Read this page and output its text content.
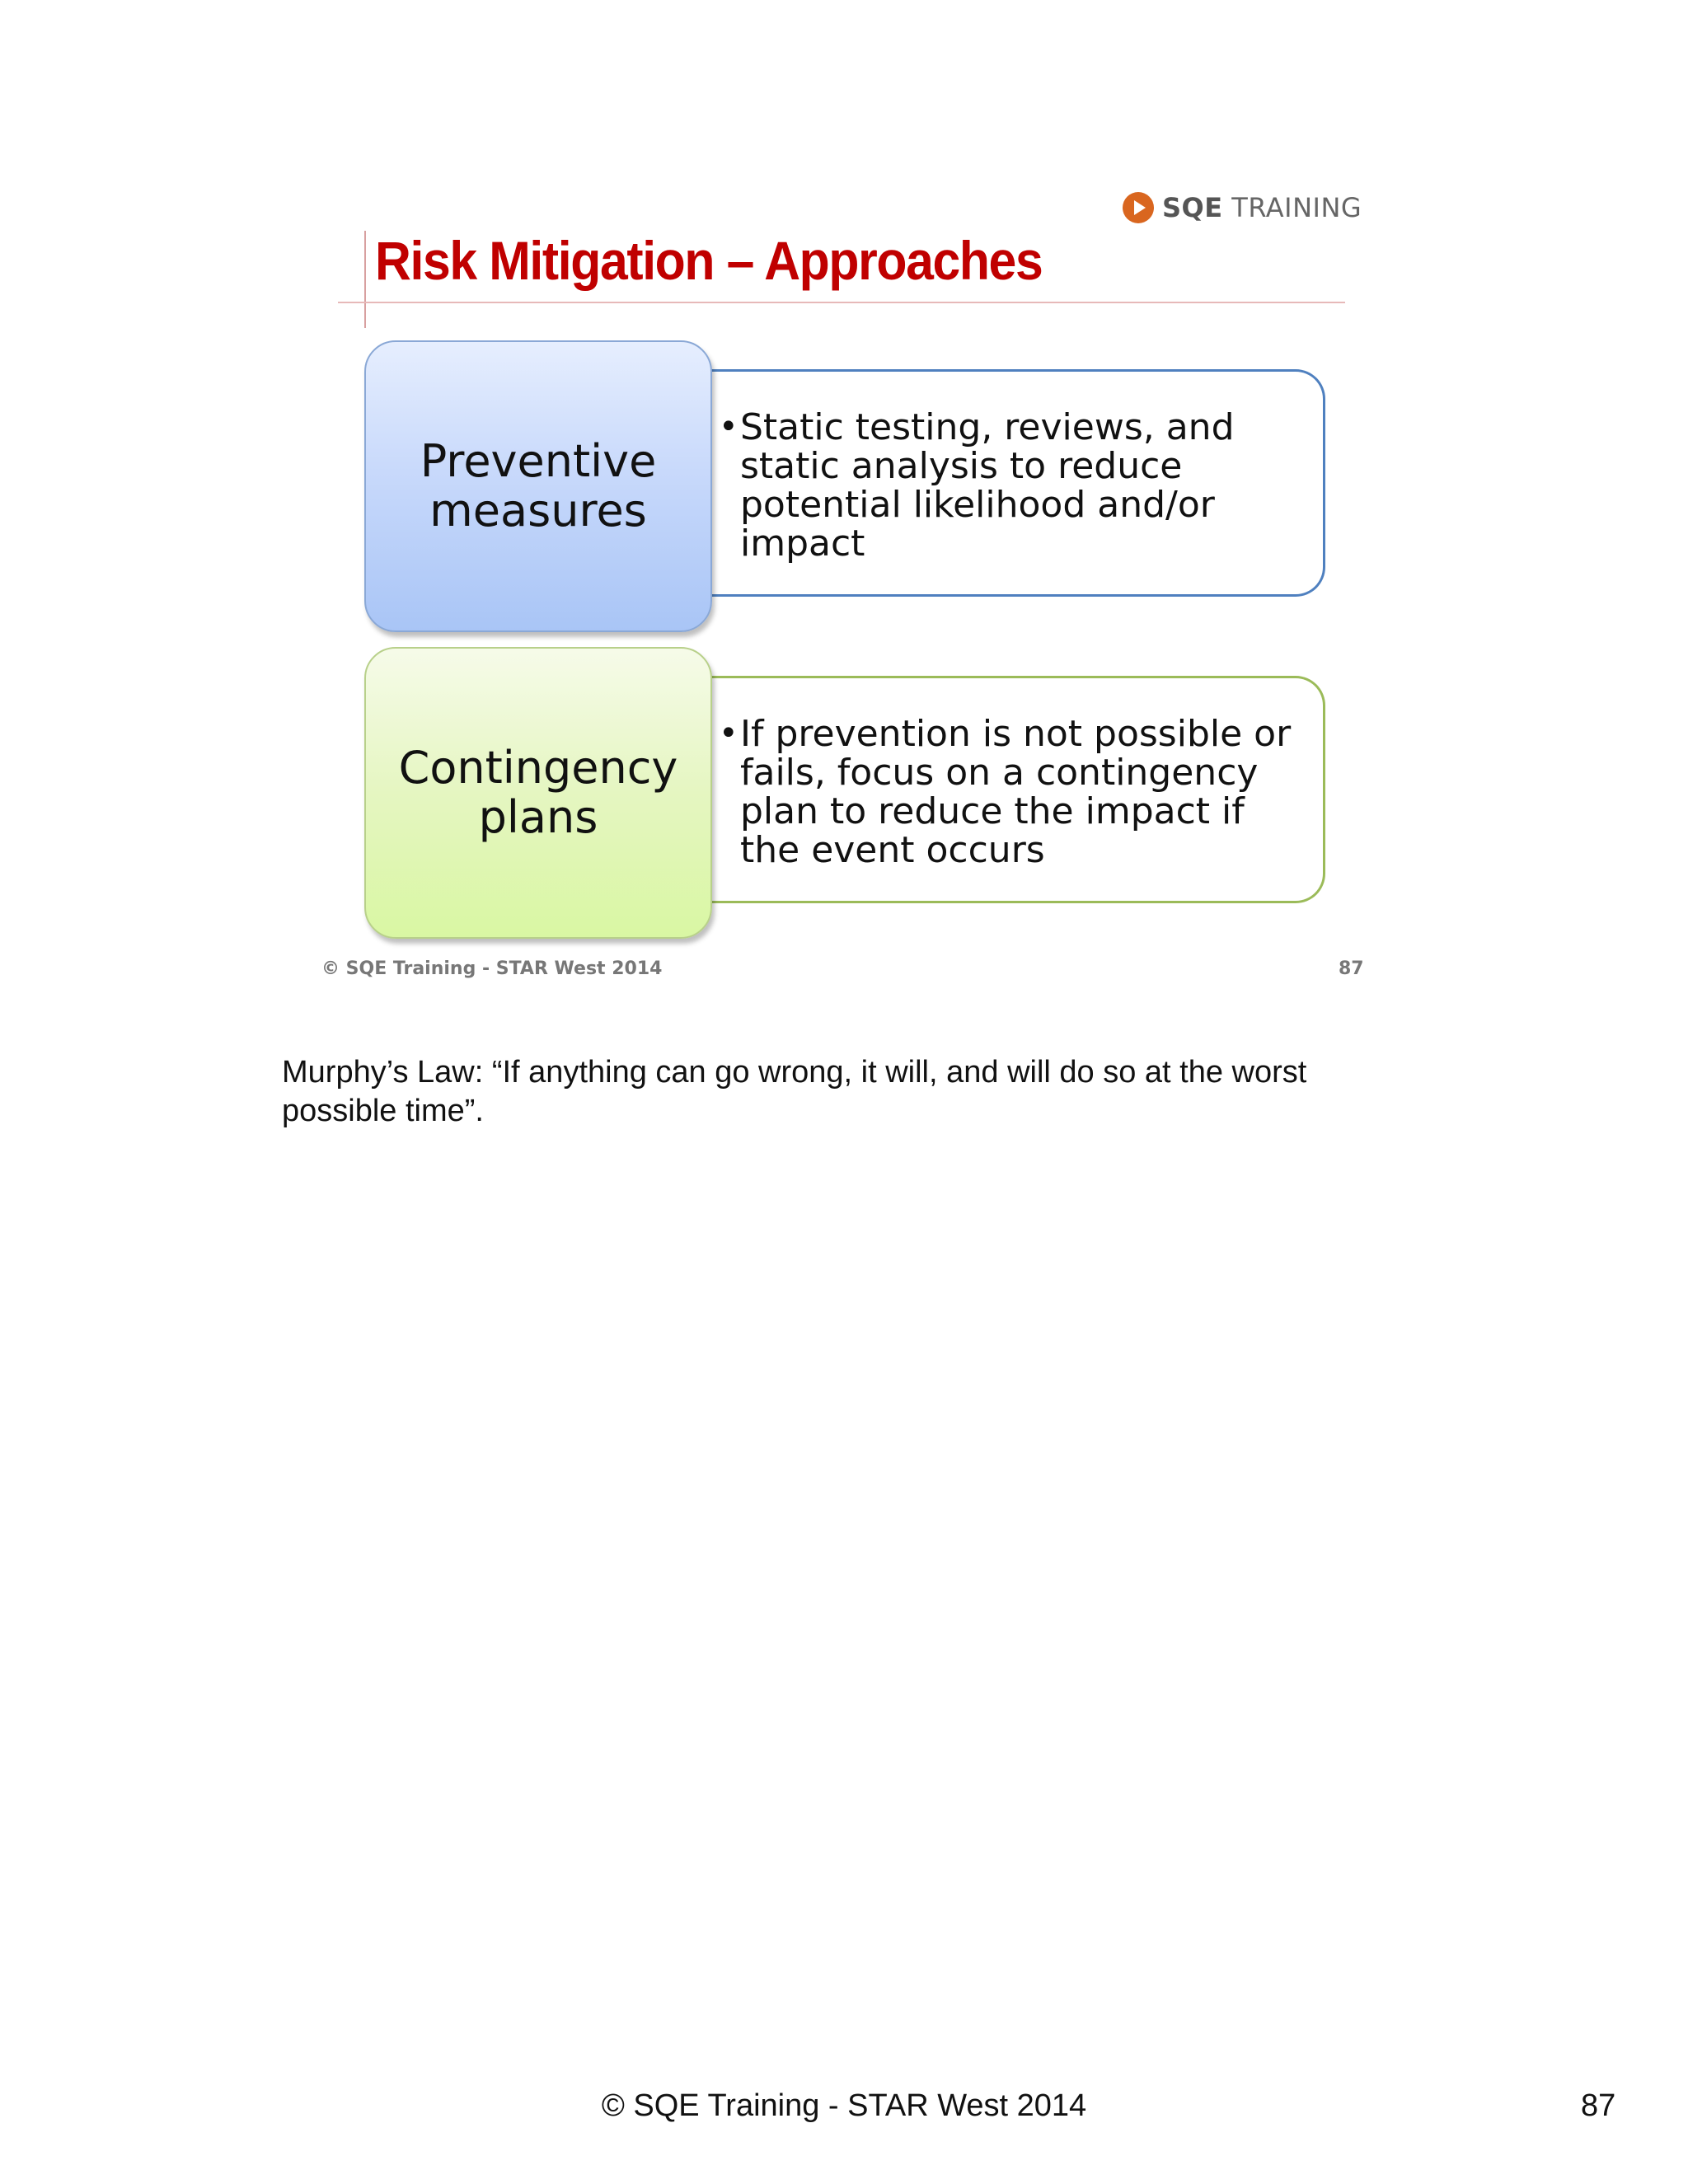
SQE TRAINING
Risk Mitigation – Approaches
Preventive measures
• Static testing, reviews, and static analysis to reduce potential likelihood and/or impact
Contingency plans
• If prevention is not possible or fails, focus on a contingency plan to reduce the impact if the event occurs
© SQE Training - STAR West 2014	87
Murphy’s Law: “If anything can go wrong, it will, and will do so at the worst possible time”.
© SQE Training - STAR West 2014	87
